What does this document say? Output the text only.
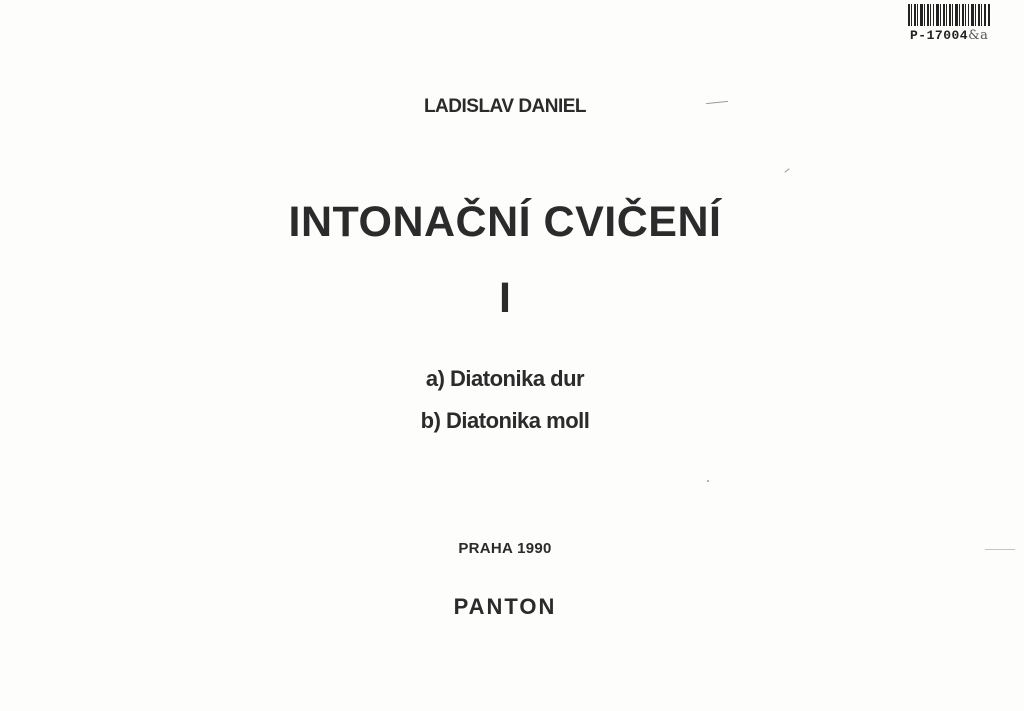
P-17004&a
LADISLAV DANIEL
INTONAČNÍ CVIČENÍ
I
a) Diatonika dur
b) Diatonika moll
PRAHA 1990
PANTON
